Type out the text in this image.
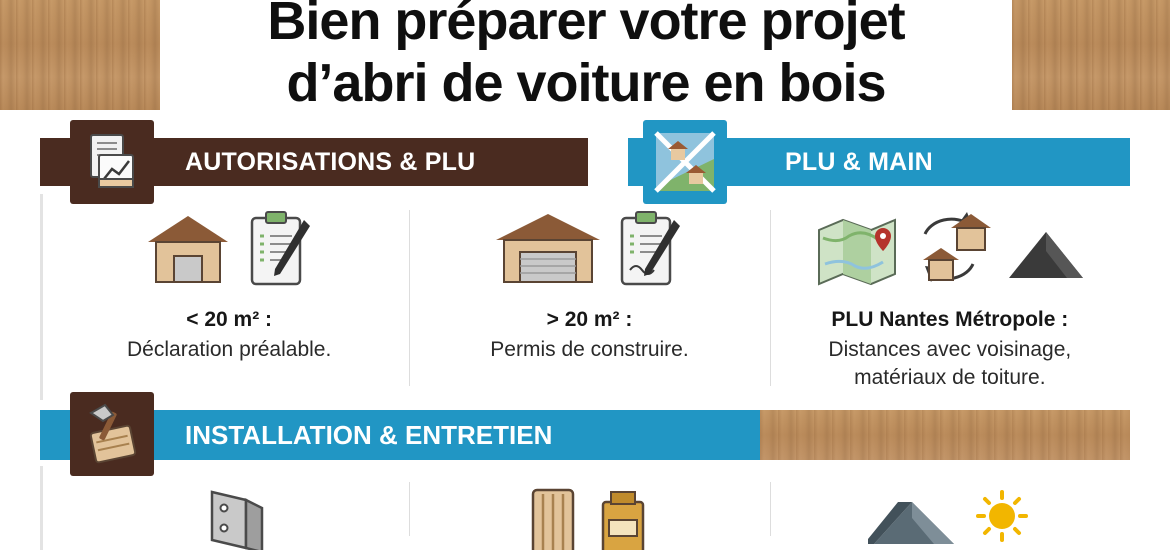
Bien préparer votre projet
d’abri de voiture en bois
AUTORISATIONS & PLU	PLU & MAIN
< 20 m² :
Déclaration préalable.
> 20 m² :
Permis de construire.
PLU Nantes Métropole :
Distances avec voisinage, matériaux de toiture.
INSTALLATION & ENTRETIEN
